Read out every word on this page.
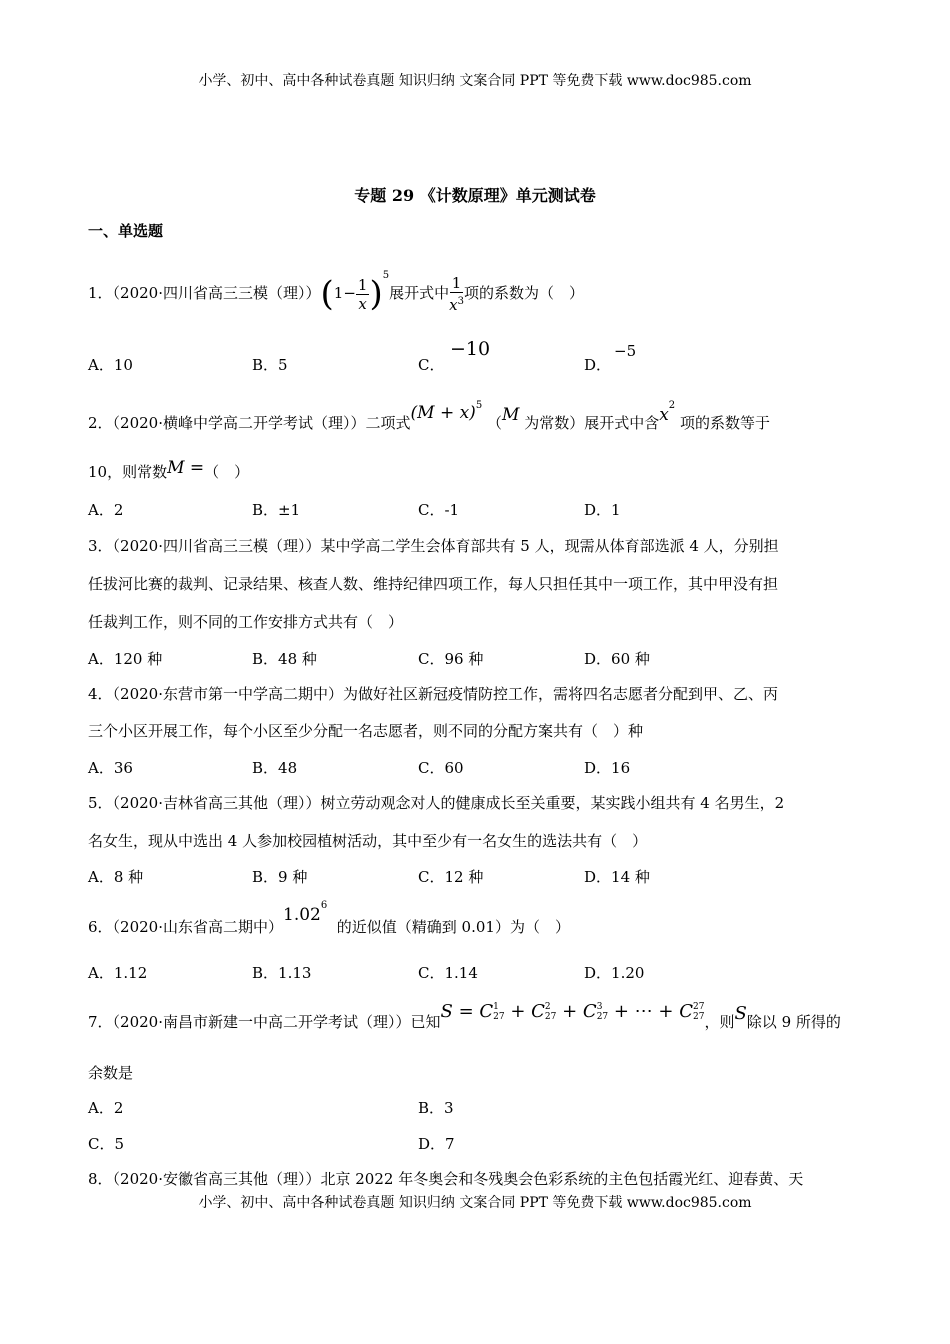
小学、初中、高中各种试卷真题 知识归纳 文案合同 PPT 等免费下载 www.doc985.com
专题 29 《计数原理》单元测试卷
一、单选题
1．（2020·四川省高三三模（理））$(1- \frac{1}{x} )^5$展开式中 $\frac{1}{x^3}$ 项的系数为（　）
A．10	B．5	C．
−10
D．
−5
2．（2020·横峰中学高二开学考试（理））二项式$(M + x)^5$ （M 为常数）展开式中含$x^2$ 项的系数等于
10，则常数M =（　）
A．2	B．±1	C．-1	D．1
3．（2020·四川省高三三模（理））某中学高二学生会体育部共有 5 人，现需从体育部选派 4 人，分别担
任拔河比赛的裁判、记录结果、核查人数、维持纪律四项工作，每人只担任其中一项工作，其中甲没有担
任裁判工作，则不同的工作安排方式共有（　）
A．120 种	B．48 种	C．96 种	D．60 种
4．（2020·东营市第一中学高二期中）为做好社区新冠疫情防控工作，需将四名志愿者分配到甲、乙、丙
三个小区开展工作，每个小区至少分配一名志愿者，则不同的分配方案共有（　）种
A．36	B．48	C．60	D．16
5．（2020·吉林省高三其他（理））树立劳动观念对人的健康成长至关重要，某实践小组共有 4 名男生，2
名女生，现从中选出 4 人参加校园植树活动，其中至少有一名女生的选法共有（　）
A．8 种	B．9 种	C．12 种	D．14 种
6．（2020·山东省高二期中）1.02$^6$  的近似值（精确到 0.01）为（　）
A．1.12	B．1.13	C．1.14	D．1.20
7．（2020·南昌市新建一中高二开学考试（理））已知S = C 1
27 + C 2
27 + C 3
27 + ⋯ + C 27
27 ，则S除以 9 所得的
余数是
A．2	B．3
C．5	D．7
8．（2020·安徽省高三其他（理））北京 2022 年冬奥会和冬残奥会色彩系统的主色包括霞光红、迎春黄、天
小学、初中、高中各种试卷真题 知识归纳 文案合同 PPT 等免费下载 www.doc985.com
